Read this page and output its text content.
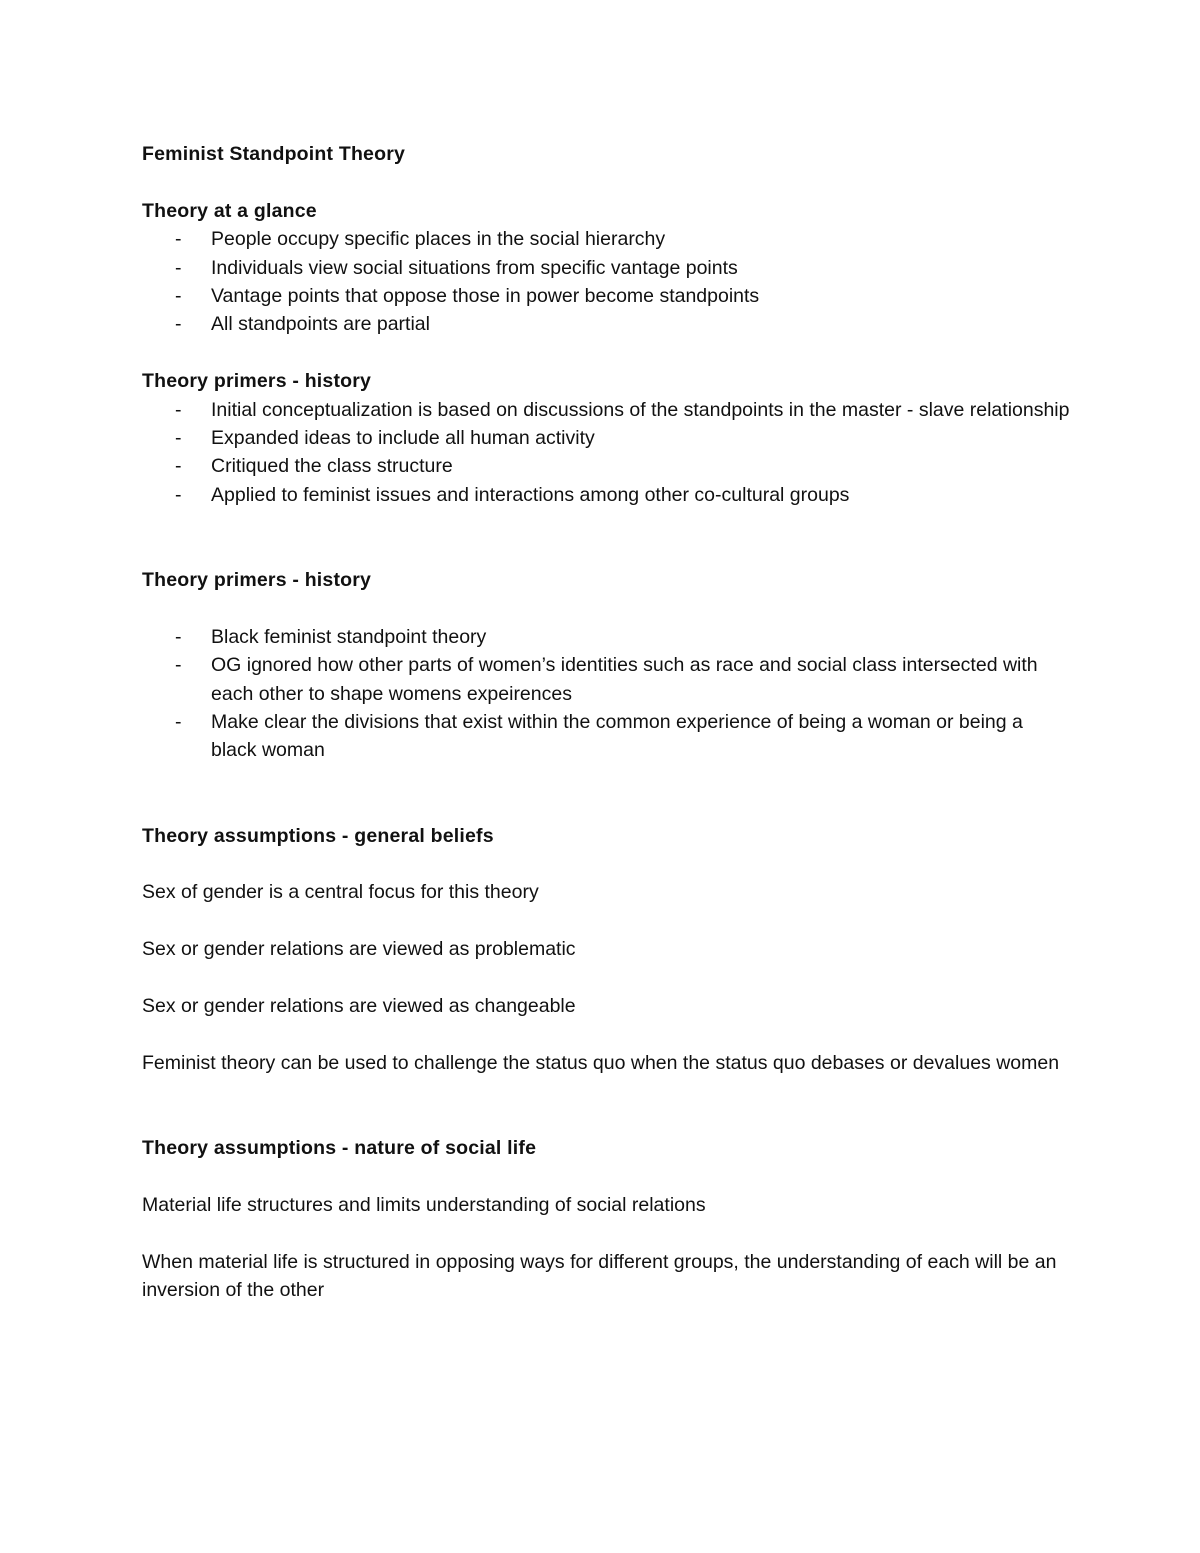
Feminist Standpoint Theory
Theory at a glance
- People occupy specific places in the social hierarchy
- Individuals view social situations from specific vantage points
- Vantage points that oppose those in power become standpoints
- All standpoints are partial
Theory primers - history
- Initial conceptualization is based on discussions of the standpoints in the master - slave relationship
- Expanded ideas to include all human activity
- Critiqued the class structure
- Applied to feminist issues and interactions among other co-cultural groups
Theory primers - history
- Black feminist standpoint theory
- OG ignored how other parts of women’s identities such as race and social class intersected with each other to shape womens expeirences
- Make clear the divisions that exist within the common experience of being a woman or being a black woman
Theory assumptions - general beliefs
Sex of gender is a central focus for this theory
Sex or gender relations are viewed as problematic
Sex or gender relations are viewed as changeable
Feminist theory can be used to challenge the status quo when the status quo debases or devalues women
Theory assumptions - nature of social life
Material life structures and limits understanding of social relations
When material life is structured in opposing ways for different groups, the understanding of each will be an inversion of the other
